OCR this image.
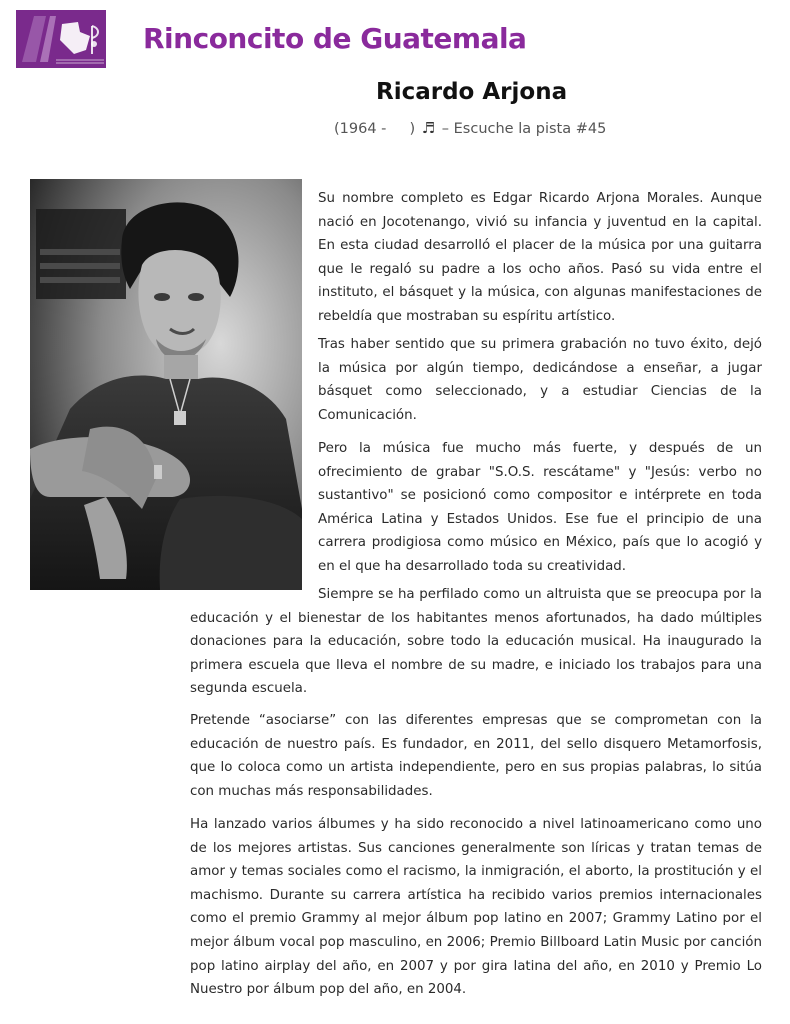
Rinconcito de Guatemala
Ricardo Arjona
(1964 -     ) ♬ – Escuche la pista #45

Su nombre completo es Edgar Ricardo Arjona Morales. Aunque nació en Jocotenango, vivió su infancia y juventud en la capital. En esta ciudad desarrolló el placer de la música por una guitarra que le regaló su padre a los ocho años. Pasó su vida entre el instituto, el básquet y la música, con algunas manifestaciones de rebeldía que mostraban su espíritu artístico.

Tras haber sentido que su primera grabación no tuvo éxito, dejó la música por algún tiempo, dedicándose a enseñar, a jugar básquet como seleccionado, y a estudiar Ciencias de la Comunicación.

Pero la música fue mucho más fuerte, y después de un ofrecimiento de grabar "S.O.S. rescátame" y "Jesús: verbo no sustantivo" se posicionó como compositor e intérprete en toda América Latina y Estados Unidos. Ese fue el principio de una carrera prodigiosa como músico en México, país que lo acogió y en el que ha desarrollado toda su creatividad.

Siempre se ha perfilado como un altruista que se preocupa por la educación y el bienestar de los habitantes menos afortunados, ha dado múltiples donaciones para la educación, sobre todo la educación musical. Ha inaugurado la primera escuela que lleva el nombre de su madre, e iniciado los trabajos para una segunda escuela.

Pretende “asociarse” con las diferentes empresas que se comprometan con la educación de nuestro país. Es fundador, en 2011, del sello disquero Metamorfosis, que lo coloca como un artista independiente, pero en sus propias palabras, lo sitúa con muchas más responsabilidades.

Ha lanzado varios álbumes y ha sido reconocido a nivel latinoamericano como uno de los mejores artistas. Sus canciones generalmente son líricas y tratan temas de amor y temas sociales como el racismo, la inmigración, el aborto, la prostitución y el machismo. Durante su carrera artística ha recibido varios premios internacionales como el premio Grammy al mejor álbum pop latino en 2007; Grammy Latino por el mejor álbum vocal pop masculino, en 2006; Premio Billboard Latin Music por canción pop latino airplay del año, en 2007 y por gira latina del año, en 2010 y Premio Lo Nuestro por álbum pop del año, en 2004.
